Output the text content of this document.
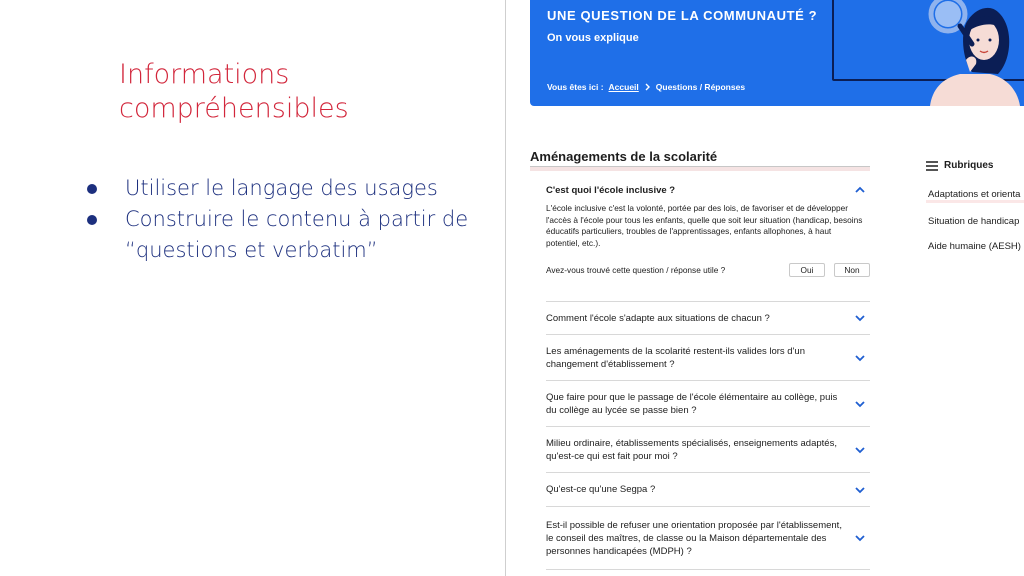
Informations compréhensibles
Utiliser le langage des usages
Construire le contenu à partir de “questions et verbatim”
UNE QUESTION DE LA COMMUNAUTÉ ?
On vous explique
Vous êtes ici : Accueil Questions / Réponses
Aménagements de la scolarité
C'est quoi l'école inclusive ?
L'école inclusive c'est la volonté, portée par des lois, de favoriser et de développer l'accès à l'école pour tous les enfants, quelle que soit leur situation (handicap, besoins éducatifs particuliers, troubles de l'apprentissages, enfants allophones, à haut potentiel, etc.).
Avez-vous trouvé cette question / réponse utile ?	Oui	Non
Comment l'école s'adapte aux situations de chacun ?
Les aménagements de la scolarité restent-ils valides lors d'un changement d'établissement ?
Que faire pour que le passage de l'école élémentaire au collège, puis du collège au lycée se passe bien ?
Milieu ordinaire, établissements spécialisés, enseignements adaptés, qu'est-ce qui est fait pour moi ?
Qu'est-ce qu'une Segpa ?
Est-il possible de refuser une orientation proposée par l'établissement, le conseil des maîtres, de classe ou la Maison départementale des personnes handicapées (MDPH) ?
Rubriques
Adaptations et orienta
Situation de handicap
Aide humaine (AESH)
